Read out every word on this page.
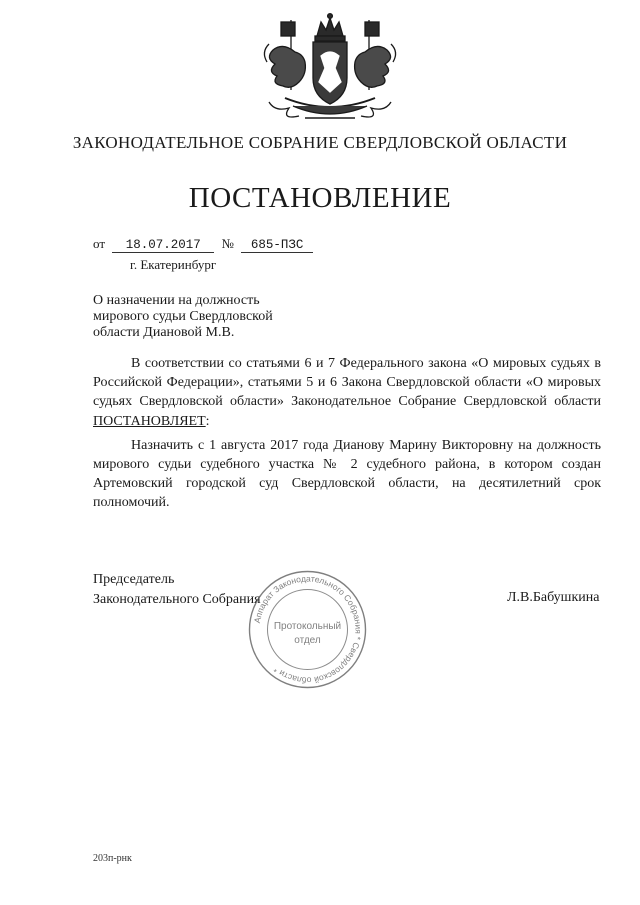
ЗАКОНОДАТЕЛЬНОЕ СОБРАНИЕ СВЕРДЛОВСКОЙ ОБЛАСТИ
ПОСТАНОВЛЕНИЕ
от 18.07.2017 № 685-ПЗС
г. Екатеринбург
О назначении на должность
мирового судьи Свердловской
области Диановой М.В.

В соответствии со статьями 6 и 7 Федерального закона «О мировых судьях в Российской Федерации», статьями 5 и 6 Закона Свердловской области «О мировых судьях Свердловской области» Законодательное Собрание Свердловской области ПОСТАНОВЛЯЕТ:

Назначить с 1 августа 2017 года Дианову Марину Викторовну на должность мирового судьи судебного участка № 2 судебного района, в котором создан Артемовский городской суд Свердловской области, на десятилетний срок полномочий.

Председатель
Законодательного Собрания
Аппарат Законодательного Собрания * Свердловской области *
Протокольный
отдел
Л.В.Бабушкина
203п-рнк
